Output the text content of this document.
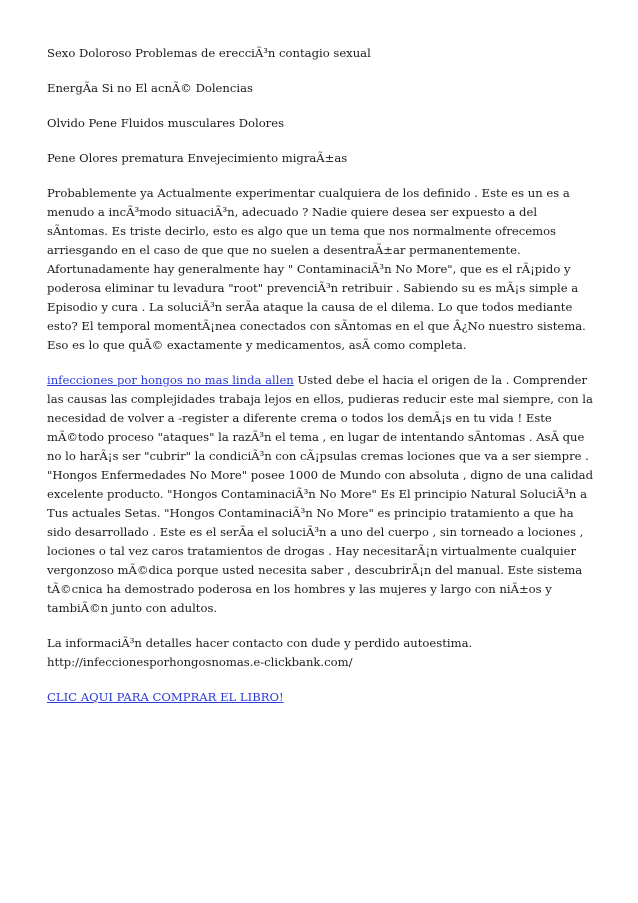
Sexo Doloroso Problemas de erecciÃ³n contagio sexual
EnergÃa Si no El acnÃ© Dolencias
Olvido Pene Fluidos musculares Dolores
Pene Olores prematura Envejecimiento migraÃ±as

Probablemente ya Actualmente experimentar cualquiera de los definido . Este es un es a menudo a incÃ³modo situaciÃ³n, adecuado ? Nadie quiere desea ser expuesto a del sÃntomas. Es triste decirlo, esto es algo que un tema que nos normalmente ofrecemos arriesgando en el caso de que que no suelen a desentraÃ±ar permanentemente. Afortunadamente hay generalmente hay " ContaminaciÃ³n No More", que es el rÃ¡pido y poderosa eliminar tu levadura "root" prevenciÃ³n retribuir . Sabiendo su es mÃ¡s simple a Episodio y cura . La soluciÃ³n serÃa ataque la causa de el dilema. Lo que todos mediante esto? El temporal momentÃ¡nea conectados con sÃntomas en el que Â¿No nuestro sistema. Eso es lo que quÃ© exactamente y medicamentos, asÃ como completa.

infecciones por hongos no mas linda allen Usted debe el hacia el origen de la . Comprender las causas las complejidades trabaja lejos en ellos, pudieras reducir este mal siempre, con la necesidad de volver a -register a diferente crema o todos los demÃ¡s en tu vida ! Este mÃ©todo proceso "ataques" la razÃ³n el tema , en lugar de intentando sÃntomas . AsÃ que no lo harÃ¡s ser "cubrir" la condiciÃ³n con cÃ¡psulas cremas lociones que va a ser siempre . "Hongos Enfermedades No More" posee 1000 de Mundo con absoluta , digno de una calidad excelente producto. "Hongos ContaminaciÃ³n No More" Es El principio Natural SoluciÃ³n a Tus actuales Setas. "Hongos ContaminaciÃ³n No More" es principio tratamiento a que ha sido desarrollado . Este es el serÃa el soluciÃ³n a uno del cuerpo , sin torneado a lociones , lociones o tal vez caros tratamientos de drogas . Hay necesitarÃ¡n virtualmente cualquier vergonzoso mÃ©dica porque usted necesita saber , descubrirÃ¡n del manual. Este sistema tÃ©cnica ha demostrado poderosa en los hombres y las mujeres y largo con niÃ±os y tambiÃ©n junto con adultos.

La informaciÃ³n detalles hacer contacto con dude y perdido autoestima.
http://infeccionesporhongosnomas.e-clickbank.com/

CLIC AQUI PARA COMPRAR EL LIBRO!
